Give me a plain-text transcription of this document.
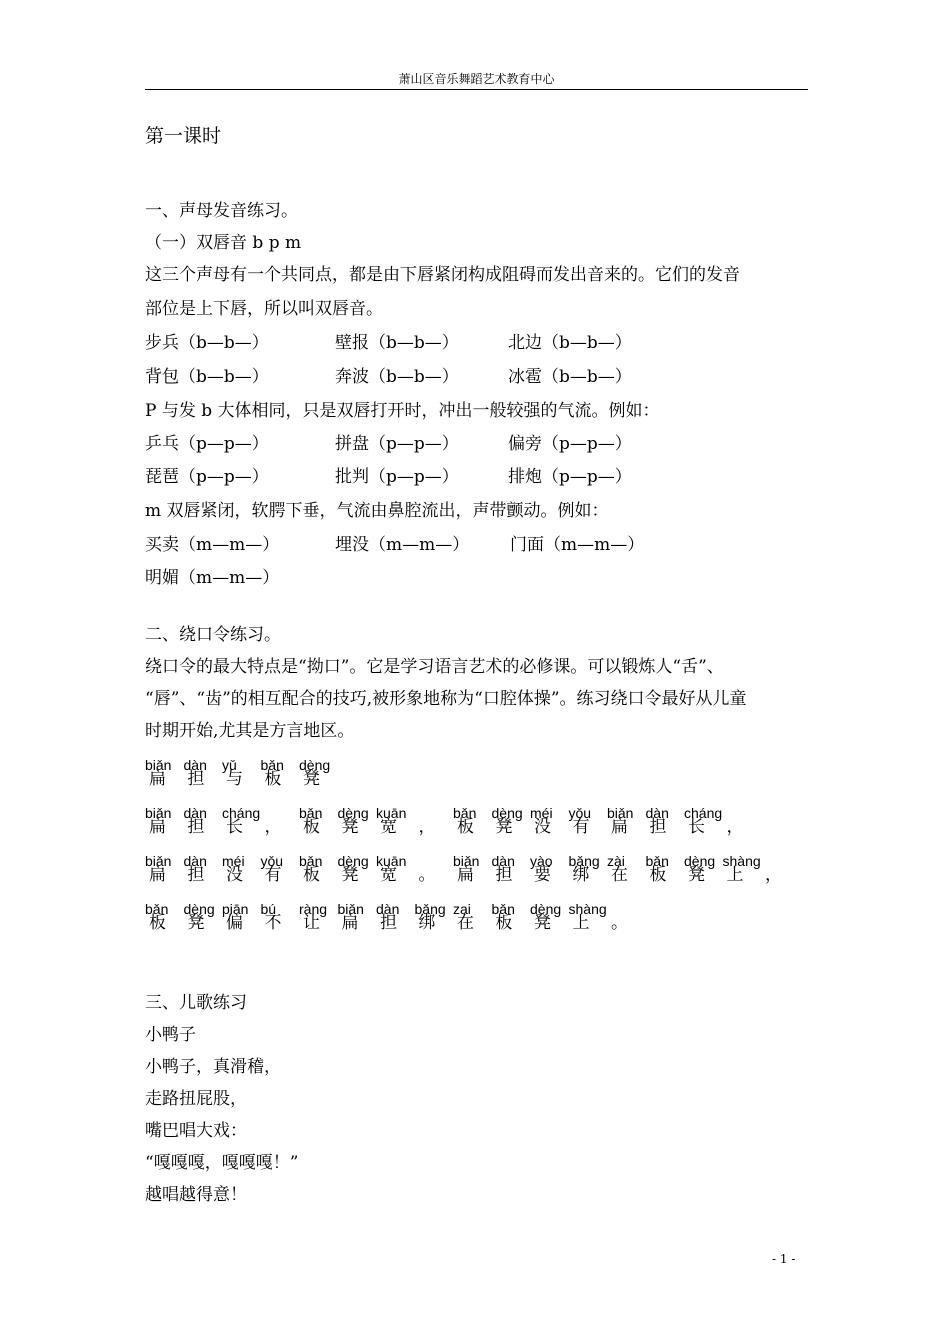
萧山区音乐舞蹈艺术教育中心
第一课时
一、声母发音练习。
（一）双唇音 b p m
这三个声母有一个共同点，都是由下唇紧闭构成阻碍而发出音来的。它们的发音
部位是上下唇，所以叫双唇音。
步兵（b—b—）	壁报（b—b—）	北边（b—b—）
背包（b—b—）	奔波（b—b—）	冰雹（b—b—）
P 与发 b 大体相同，只是双唇打开时，冲出一般较强的气流。例如：
乒乓（p—p—）	拼盘（p—p—）	偏旁（p—p—）
琵琶（p—p—）	批判（p—p—）	排炮（p—p—）
m 双唇紧闭，软腭下垂，气流由鼻腔流出，声带颤动。例如：
买卖（m—m—）	埋没（m—m—） 门面（m—m—）
明媚（m—m—）
二、绕口令练习。
绕口令的最大特点是“拗口”。它是学习语言艺术的必修课。可以锻炼人“舌”、
“唇”、“齿”的相互配合的技巧,被形象地称为“口腔体操”。练习绕口令最好从儿童
时期开始,尤其是方言地区。
biǎn
扁
dàn
担
yǔ
与
bǎn
板
dèng
凳
biǎn
扁
dàn
担
cháng
长 ，
bǎn
板
dèng
凳
kuān
宽 ，
bǎn
板
dèng
凳
méi
没
yǒu
有
biǎn
扁
dàn
担
cháng
长 ，
biǎn
扁
dàn
担
méi
没
yǒu
有
bǎn
板
dèng
凳
kuān
宽 。
biǎn
扁
dàn
担
yào
要
bǎng
绑
zài
在
bǎn
板
dèng
凳
shàng
上 ，
bǎn
板
dèng
凳
piān
偏
bú
不
ràng
让
biǎn
扁
dàn
担
bǎng
绑
zai
在
bǎn
板
dèng
凳
shàng
上 。
三、儿歌练习
小鸭子
小鸭子，真滑稽，
走路扭屁股，
嘴巴唱大戏：
“嘎嘎嘎，嘎嘎嘎！”
越唱越得意！
- 1 -
